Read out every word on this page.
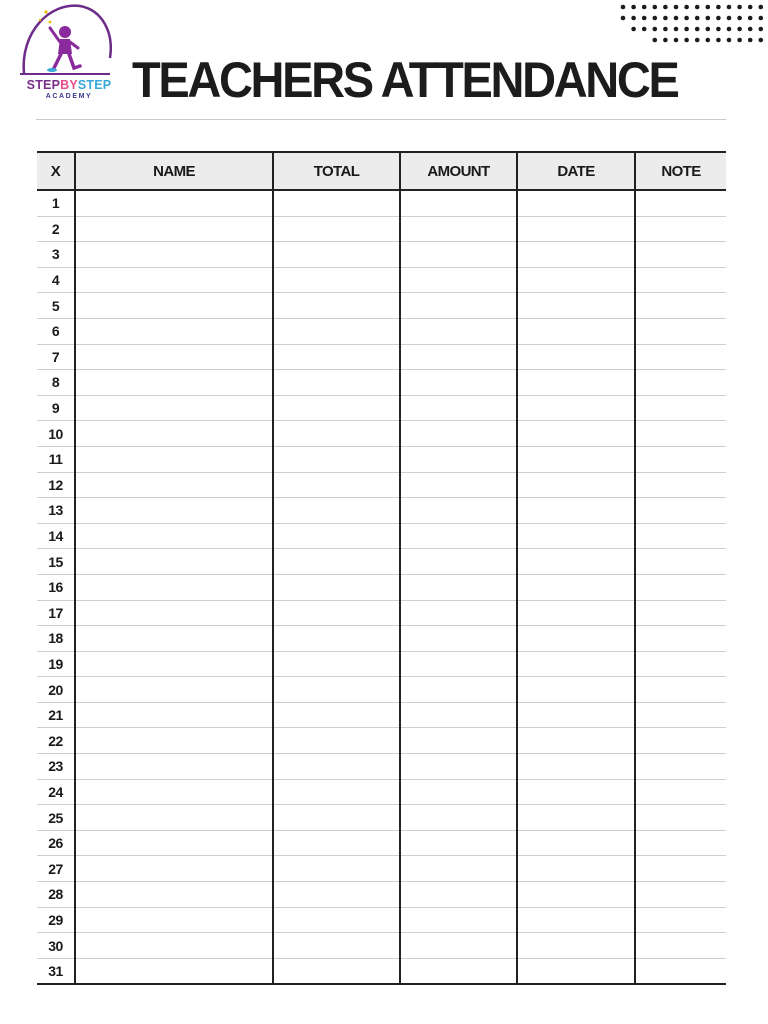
STEPBYSTEP
ACADEMY TEACHERS ATTENDANCE
X	NAME	TOTAL	AMOUNT	DATE	NOTE
1					
2					
3					
4					
5					
6					
7					
8					
9					
10					
11					
12					
13					
14					
15					
16					
17					
18					
19					
20					
21					
22					
23					
24					
25					
26					
27					
28					
29					
30					
31					
